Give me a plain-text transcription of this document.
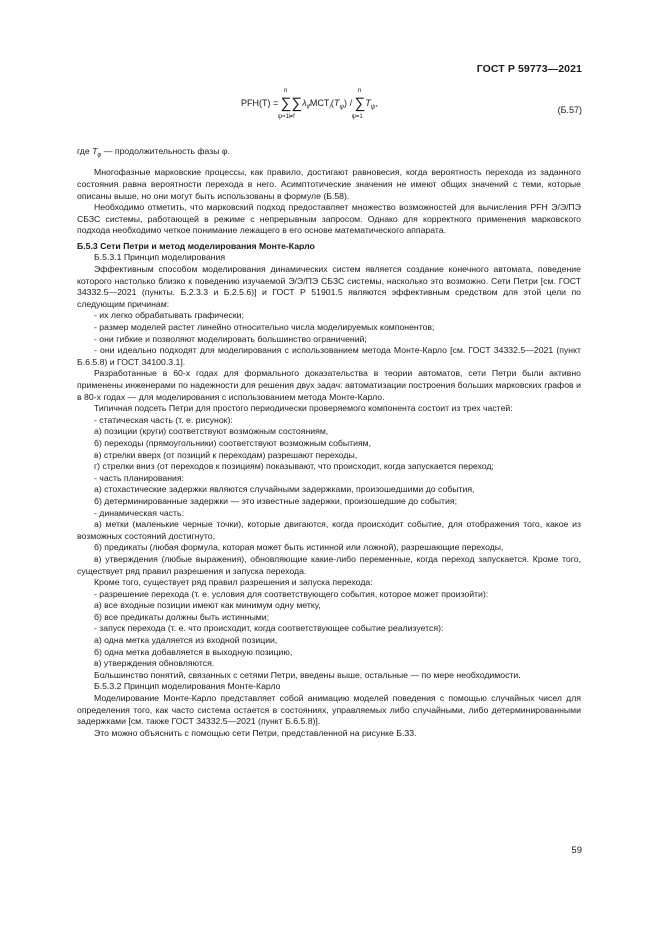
ГОСТ Р 59773—2021
PFH(T) = ∑
n
ψ=1
∑
i≠f
$\lambda_{if}MCT_i(T_\psi)$ / ∑
n
ψ=1
$T_\psi$,
(Б.57)

где $T_\varphi$ — продолжительность фазы φ.

Многофазные марковские процессы, как правило, достигают равновесия, когда вероятность перехода из заданного состояния равна вероятности перехода в него. Асимптотические значения не имеют общих значений с теми, которые описаны выше, но они могут быть использованы в формуле (Б.58).

Необходимо отметить, что марковский подход предоставляет множество возможностей для вычисления PFH Э/Э/ПЭ СБЗС системы, работающей в режиме с непрерывным запросом. Однако для корректного применения марковского подхода необходимо четкое понимание лежащего в его основе математического аппарата.

Б.5.3 Сети Петри и метод моделирования Монте-Карло

Б.5.3.1 Принцип моделирования

Эффективным способом моделирования динамических систем является создание конечного автомата, поведение которого настолько близко к поведению изучаемой Э/Э/ПЭ СБЗС системы, насколько это возможно. Сети Петри [см. ГОСТ 34332.5—2021 (пункты. Б.2.3.3 и Б.2.5.6)] и ГОСТ Р 51901.5 являются эффективным средством для этой цели по следующим причинам:

- их легко обрабатывать графически;

- размер моделей растет линейно относительно числа моделируемых компонентов;

- они гибкие и позволяют моделировать большинство ограничений;

- они идеально подходят для моделирования с использованием метода Монте-Карло [см. ГОСТ 34332.5—2021 (пункт Б.6.5.8) и ГОСТ 34100.3.1].

Разработанные в 60-х годах для формального доказательства в теории автоматов, сети Петри были активно применены инженерами по надежности для решения двух задач: автоматизации построения больших марковских графов и в 80-х годах — для моделирования с использованием метода Монте-Карло.

Типичная подсеть Петри для простого периодически проверяемого компонента состоит из трех частей:

- статическая часть (т. е. рисунок):

а) позиции (круги) соответствуют возможным состояниям,

б) переходы (прямоугольники) соответствуют возможным событиям,

в) стрелки вверх (от позиций к переходам) разрешают переходы,

г) стрелки вниз (от переходов к позициям) показывают, что происходит, когда запускается переход;

- часть планирования:

а) стохастические задержки являются случайными задержками, произошедшими до события,

б) детерминированные задержки — это известные задержки, произошедшие до события;

- динамическая часть:

а) метки (маленькие черные точки), которые двигаются, когда происходит событие, для отображения того, какое из возможных состояний достигнуто,

б) предикаты (любая формула, которая может быть истинной или ложной), разрешающие переходы,

в) утверждения (любые выражения), обновляющие какие-либо переменные, когда переход запускается. Кроме того, существует ряд правил разрешения и запуска перехода.

Кроме того, существует ряд правил разрешения и запуска перехода:

- разрешение перехода (т. е. условия для соответствующего события, которое может произойти):

а) все входные позиции имеют как минимум одну метку,

б) все предикаты должны быть истинными;

- запуск перехода (т. е. что происходит, когда соответствующее событие реализуется):

а) одна метка удаляется из входной позиции,

б) одна метка добавляется в выходную позицию,

в) утверждения обновляются.

Большинство понятий, связанных с сетями Петри, введены выше, остальные — по мере необходимости.

Б.5.3.2 Принцип моделирования Монте-Карло

Моделирование Монте-Карло представляет собой анимацию моделей поведения с помощью случайных чисел для определения того, как часто система остается в состояниях, управляемых либо случайными, либо детерминированными задержками [см. также ГОСТ 34332.5—2021 (пункт Б.6.5.8)].

Это можно объяснить с помощью сети Петри, представленной на рисунке Б.33.

59
